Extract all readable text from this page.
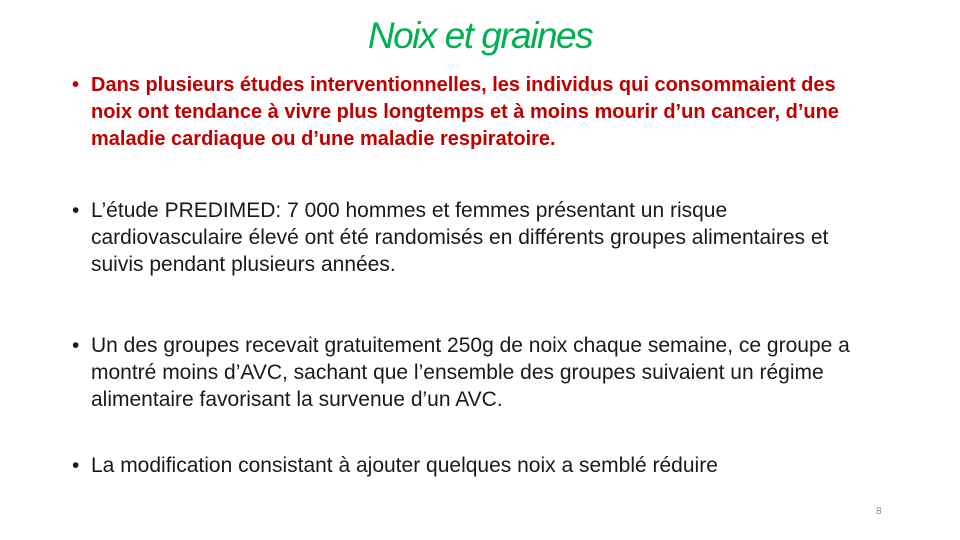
Noix et graines
• Dans plusieurs études interventionnelles, les individus qui consommaient des noix ont tendance à vivre plus longtemps et à moins mourir d’un cancer, d’une maladie cardiaque ou d’une maladie respiratoire.
• L’étude PREDIMED: 7 000 hommes et femmes présentant un risque cardiovasculaire élevé ont été randomisés en différents groupes alimentaires et suivis pendant plusieurs années.
• Un des groupes recevait gratuitement 250g de noix chaque semaine, ce groupe a montré moins d’AVC, sachant que l’ensemble des groupes suivaient un régime alimentaire favorisant la survenue d’un AVC.
• La modification consistant à ajouter quelques noix a semblé réduire
8
